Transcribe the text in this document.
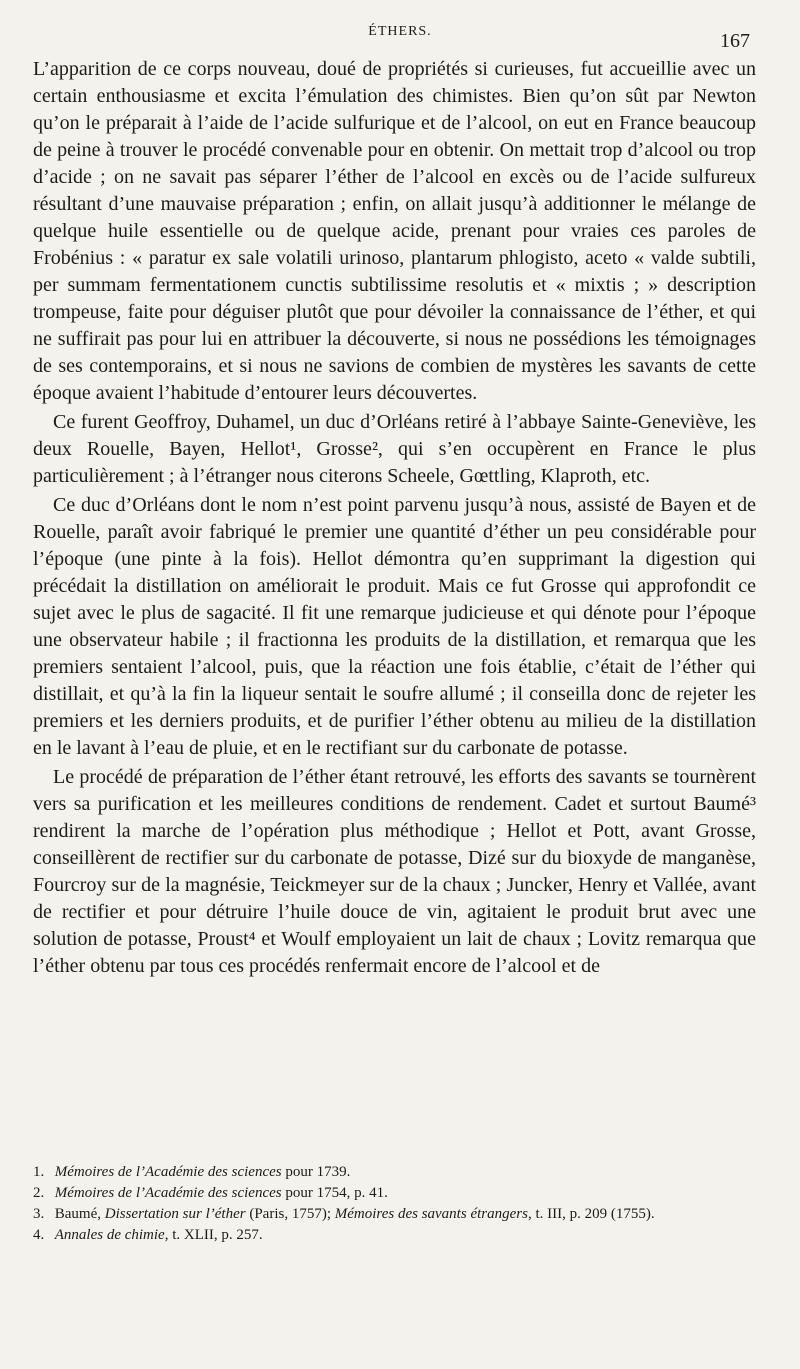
ÉTHERS.	167

L’apparition de ce corps nouveau, doué de propriétés si curieuses, fut accueillie avec un certain enthousiasme et excita l’émulation des chimistes. Bien qu’on sût par Newton qu’on le préparait à l’aide de l’acide sulfurique et de l’alcool, on eut en France beaucoup de peine à trouver le procédé convenable pour en obtenir. On mettait trop d’alcool ou trop d’acide ; on ne savait pas séparer l’éther de l’alcool en excès ou de l’acide sulfureux résultant d’une mauvaise préparation ; enfin, on allait jusqu’à additionner le mélange de quelque huile essentielle ou de quelque acide, prenant pour vraies ces paroles de Frobénius : « paratur ex sale volatili urinoso, plantarum phlogisto, aceto « valde subtili, per summam fermentationem cunctis subtilissime resolutis et « mixtis ; » description trompeuse, faite pour déguiser plutôt que pour dévoiler la connaissance de l’éther, et qui ne suffirait pas pour lui en attribuer la découverte, si nous ne possédions les témoignages de ses contemporains, et si nous ne savions de combien de mystères les savants de cette époque avaient l’habitude d’entourer leurs découvertes.

Ce furent Geoffroy, Duhamel, un duc d’Orléans retiré à l’abbaye Sainte-Geneviève, les deux Rouelle, Bayen, Hellot¹, Grosse², qui s’en occupèrent en France le plus particulièrement ; à l’étranger nous citerons Scheele, Gœttling, Klaproth, etc.

Ce duc d’Orléans dont le nom n’est point parvenu jusqu’à nous, assisté de Bayen et de Rouelle, paraît avoir fabriqué le premier une quantité d’éther un peu considérable pour l’époque (une pinte à la fois). Hellot démontra qu’en supprimant la digestion qui précédait la distillation on améliorait le produit. Mais ce fut Grosse qui approfondit ce sujet avec le plus de sagacité. Il fit une remarque judicieuse et qui dénote pour l’époque une observateur habile ; il fractionna les produits de la distillation, et remarqua que les premiers sentaient l’alcool, puis, que la réaction une fois établie, c’était de l’éther qui distillait, et qu’à la fin la liqueur sentait le soufre allumé ; il conseilla donc de rejeter les premiers et les derniers produits, et de purifier l’éther obtenu au milieu de la distillation en le lavant à l’eau de pluie, et en le rectifiant sur du carbonate de potasse.

Le procédé de préparation de l’éther étant retrouvé, les efforts des savants se tournèrent vers sa purification et les meilleures conditions de rendement. Cadet et surtout Baumé³ rendirent la marche de l’opération plus méthodique ; Hellot et Pott, avant Grosse, conseillèrent de rectifier sur du carbonate de potasse, Dizé sur du bioxyde de manganèse, Fourcroy sur de la magnésie, Teickmeyer sur de la chaux ; Juncker, Henry et Vallée, avant de rectifier et pour détruire l’huile douce de vin, agitaient le produit brut avec une solution de potasse, Proust⁴ et Woulf employaient un lait de chaux ; Lovitz remarqua que l’éther obtenu par tous ces procédés renfermait encore de l’alcool et de

1. Mémoires de l’Académie des sciences pour 1739.
2. Mémoires de l’Académie des sciences pour 1754, p. 41.
3. Baumé, Dissertation sur l’éther (Paris, 1757); Mémoires des savants étrangers, t. III, p. 209 (1755).
4. Annales de chimie, t. XLII, p. 257.
